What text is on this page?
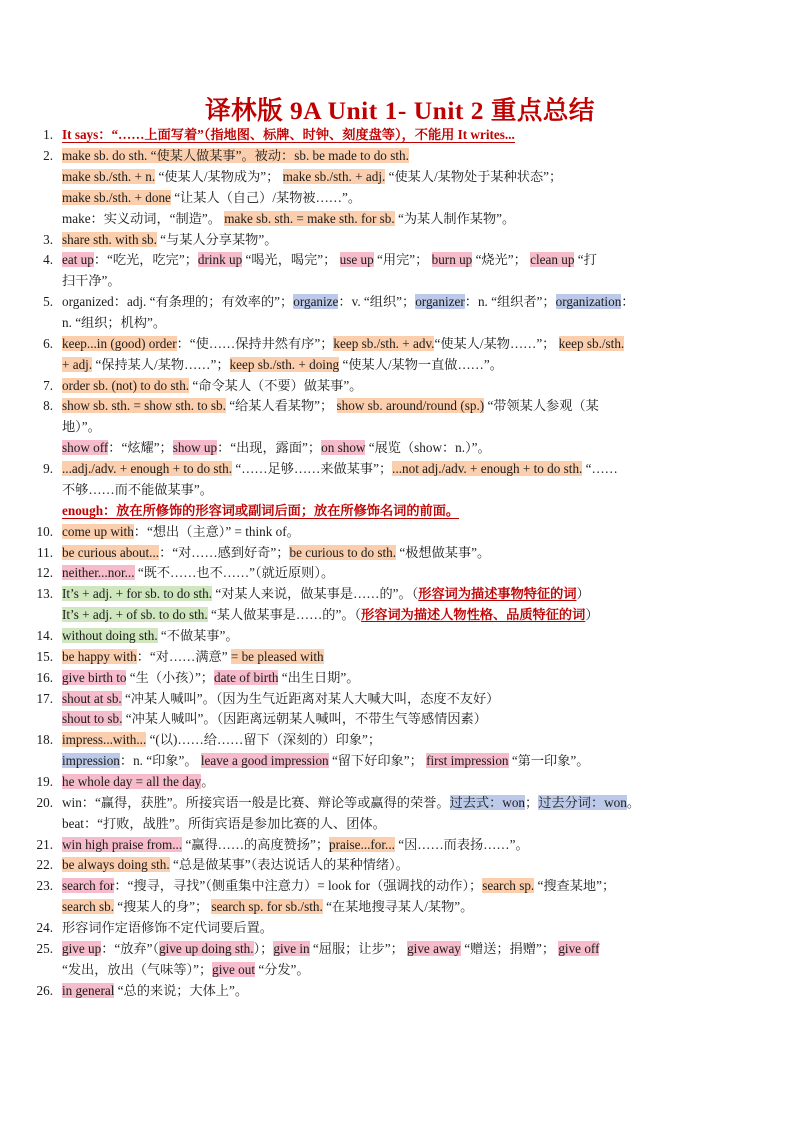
译林版 9A Unit 1- Unit 2 重点总结
1. It says：“……上面写着”（指地图、标牌、时钟、刻度盘等），不能用 It writes...
2. make sb. do sth. “使某人做某事”。被动：sb. be made to do sth.
make sb./sth. + n. “使某人/某物成为”； make sb./sth. + adj. “使某人/某物处于某种状态”；
make sb./sth. + done “让某人（自己）/某物被……”。
make：实义动词，“制造”。 make sb. sth. = make sth. for sb. “为某人制作某物”。
3. share sth. with sb. “与某人分享某物”。
4. eat up：“吃光，吃完”；drink up “喝光，喝完”； use up “用完”； burn up “烧光”； clean up “打
扫干净”。
5. organized：adj. “有条理的；有效率的”；organize：v. “组织”；organizer：n. “组织者”；organization：
n. “组织；机构”。
6. keep...in (good) order：“使……保持井然有序”；keep sb./sth. + adv.“使某人/某物……”； keep sb./sth.
+ adj. “保持某人/某物……”；keep sb./sth. + doing “使某人/某物一直做……”。
7. order sb. (not) to do sth. “命令某人（不要）做某事”。
8. show sb. sth. = show sth. to sb. “给某人看某物”； show sb. around/round (sp.) “带领某人参观（某
地）”。
show off：“炫耀”；show up：“出现，露面”；on show “展览（show：n.）”。
9. ...adj./adv. + enough + to do sth. “……足够……来做某事”；...not adj./adv. + enough + to do sth. “……
不够……而不能做某事”。
enough：放在所修饰的形容词或副词后面；放在所修饰名词的前面。
10. come up with：“想出（主意）” = think of。
11. be curious about...：“对……感到好奇”；be curious to do sth. “极想做某事”。
12. neither...nor... “既不……也不……”（就近原则）。
13. It’s + adj. + for sb. to do sth. “对某人来说，做某事是……的”。（形容词为描述事物特征的词）
It’s + adj. + of sb. to do sth. “某人做某事是……的”。（形容词为描述人物性格、品质特征的词）
14. without doing sth. “不做某事”。
15. be happy with：“对……满意” = be pleased with
16. give birth to “生（小孩）”；date of birth “出生日期”。
17. shout at sb. “冲某人喊叫”。（因为生气近距离对某人大喊大叫，态度不友好）
shout to sb. “冲某人喊叫”。（因距离远朝某人喊叫，不带生气等感情因素）
18. impress...with... “(以)……给……留下（深刻的）印象”；
impression：n. “印象”。 leave a good impression “留下好印象”； first impression “第一印象”。
19. he whole day = all the day。
20. win：“赢得，获胜”。所接宾语一般是比赛、辩论等或赢得的荣誉。过去式：won；过去分词：won。
beat：“打败，战胜”。所街宾语是参加比赛的人、团体。
21. win high praise from... “赢得……的高度赞扬”；praise...for... “因……而表扬……”。
22. be always doing sth. “总是做某事”（表达说话人的某种情绪）。
23. search for：“搜寻，寻找”（侧重集中注意力）= look for（强调找的动作）；search sp. “搜查某地”；
search sb. “搜某人的身”； search sp. for sb./sth. “在某地搜寻某人/某物”。
24. 形容词作定语修饰不定代词要后置。
25. give up：“放弃”（give up doing sth.）；give in “屈服；让步”； give away “赠送；捐赠”； give off
“发出，放出（气味等）”；give out “分发”。
26. in general “总的来说；大体上”。
